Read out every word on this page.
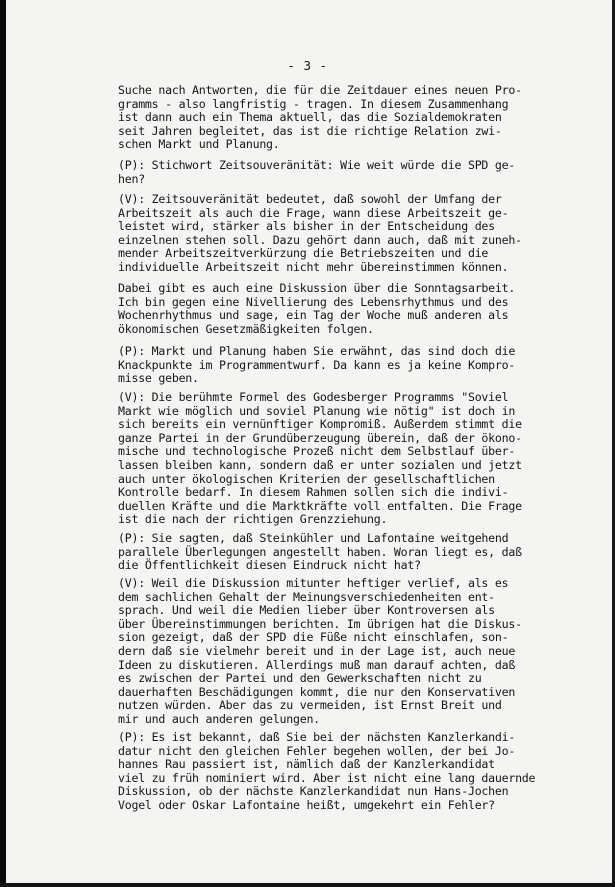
- 3 -

Suche nach Antworten, die für die Zeitdauer eines neuen Pro-
gramms - also langfristig - tragen. In diesem Zusammenhang
ist dann auch ein Thema aktuell, das die Sozialdemokraten
seit Jahren begleitet, das ist die richtige Relation zwi-
schen Markt und Planung.

(P): Stichwort Zeitsouveränität: Wie weit würde die SPD ge-
hen?

(V): Zeitsouveränität bedeutet, daß sowohl der Umfang der
Arbeitszeit als auch die Frage, wann diese Arbeitszeit ge-
leistet wird, stärker als bisher in der Entscheidung des
einzelnen stehen soll. Dazu gehört dann auch, daß mit zuneh-
mender Arbeitszeitverkürzung die Betriebszeiten und die
individuelle Arbeitszeit nicht mehr übereinstimmen können.

Dabei gibt es auch eine Diskussion über die Sonntagsarbeit.
Ich bin gegen eine Nivellierung des Lebensrhythmus und des
Wochenrhythmus und sage, ein Tag der Woche muß anderen als
ökonomischen Gesetzmäßigkeiten folgen.

(P): Markt und Planung haben Sie erwähnt, das sind doch die
Knackpunkte im Programmentwurf. Da kann es ja keine Kompro-
misse geben.

(V): Die berühmte Formel des Godesberger Programms "Soviel
Markt wie möglich und soviel Planung wie nötig" ist doch in
sich bereits ein vernünftiger Kompromiß. Außerdem stimmt die
ganze Partei in der Grundüberzeugung überein, daß der ökono-
mische und technologische Prozeß nicht dem Selbstlauf über-
lassen bleiben kann, sondern daß er unter sozialen und jetzt
auch unter ökologischen Kriterien der gesellschaftlichen
Kontrolle bedarf. In diesem Rahmen sollen sich die indivi-
duellen Kräfte und die Marktkräfte voll entfalten. Die Frage
ist die nach der richtigen Grenzziehung.

(P): Sie sagten, daß Steinkühler und Lafontaine weitgehend
parallele Überlegungen angestellt haben. Woran liegt es, daß
die Öffentlichkeit diesen Eindruck nicht hat?

(V): Weil die Diskussion mitunter heftiger verlief, als es
dem sachlichen Gehalt der Meinungsverschiedenheiten ent-
sprach. Und weil die Medien lieber über Kontroversen als
über Übereinstimmungen berichten. Im übrigen hat die Diskus-
sion gezeigt, daß der SPD die Füße nicht einschlafen, son-
dern daß sie vielmehr bereit und in der Lage ist, auch neue
Ideen zu diskutieren. Allerdings muß man darauf achten, daß
es zwischen der Partei und den Gewerkschaften nicht zu
dauerhaften Beschädigungen kommt, die nur den Konservativen
nutzen würden. Aber das zu vermeiden, ist Ernst Breit und
mir und auch anderen gelungen.

(P): Es ist bekannt, daß Sie bei der nächsten Kanzlerkandi-
datur nicht den gleichen Fehler begehen wollen, der bei Jo-
hannes Rau passiert ist, nämlich daß der Kanzlerkandidat
viel zu früh nominiert wird. Aber ist nicht eine lang dauernde
Diskussion, ob der nächste Kanzlerkandidat nun Hans-Jochen
Vogel oder Oskar Lafontaine heißt, umgekehrt ein Fehler?
